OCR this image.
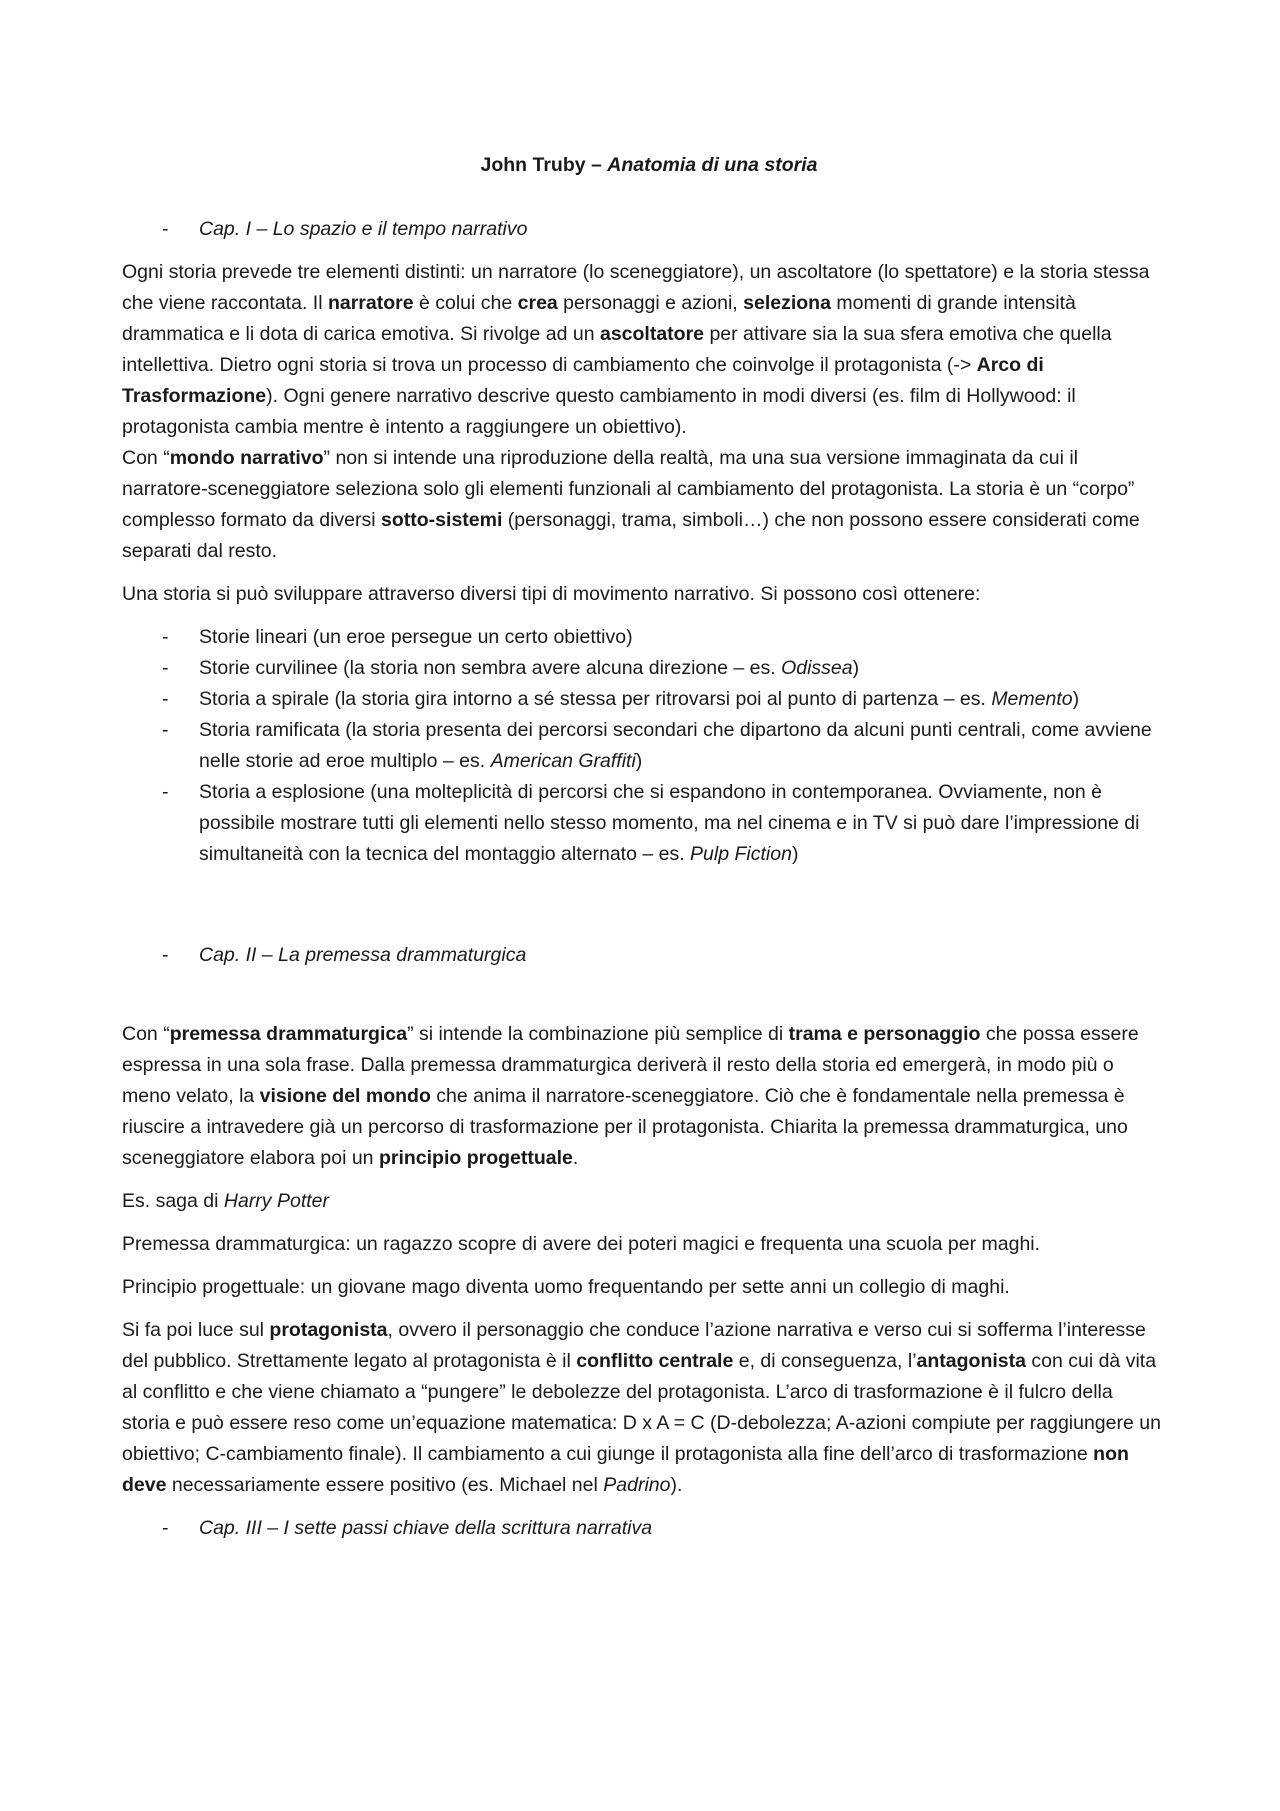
John Truby – Anatomia di una storia
- Cap. I – Lo spazio e il tempo narrativo

Ogni storia prevede tre elementi distinti: un narratore (lo sceneggiatore), un ascoltatore (lo spettatore) e la storia stessa che viene raccontata. Il narratore è colui che crea personaggi e azioni, seleziona momenti di grande intensità drammatica e li dota di carica emotiva. Si rivolge ad un ascoltatore per attivare sia la sua sfera emotiva che quella intellettiva. Dietro ogni storia si trova un processo di cambiamento che coinvolge il protagonista (-> Arco di Trasformazione). Ogni genere narrativo descrive questo cambiamento in modi diversi (es. film di Hollywood: il protagonista cambia mentre è intento a raggiungere un obiettivo).
Con “mondo narrativo” non si intende una riproduzione della realtà, ma una sua versione immaginata da cui il narratore-sceneggiatore seleziona solo gli elementi funzionali al cambiamento del protagonista. La storia è un “corpo” complesso formato da diversi sotto-sistemi (personaggi, trama, simboli…) che non possono essere considerati come separati dal resto.

Una storia si può sviluppare attraverso diversi tipi di movimento narrativo. Si possono così ottenere:

- Storie lineari (un eroe persegue un certo obiettivo)
- Storie curvilinee (la storia non sembra avere alcuna direzione – es. Odissea)
- Storia a spirale (la storia gira intorno a sé stessa per ritrovarsi poi al punto di partenza – es. Memento)
- Storia ramificata (la storia presenta dei percorsi secondari che dipartono da alcuni punti centrali, come avviene nelle storie ad eroe multiplo – es. American Graffiti)
- Storia a esplosione (una molteplicità di percorsi che si espandono in contemporanea. Ovviamente, non è possibile mostrare tutti gli elementi nello stesso momento, ma nel cinema e in TV si può dare l’impressione di simultaneità con la tecnica del montaggio alternato – es. Pulp Fiction)
- Cap. II – La premessa drammaturgica

Con “premessa drammaturgica” si intende la combinazione più semplice di trama e personaggio che possa essere espressa in una sola frase. Dalla premessa drammaturgica deriverà il resto della storia ed emergerà, in modo più o meno velato, la visione del mondo che anima il narratore-sceneggiatore. Ciò che è fondamentale nella premessa è riuscire a intravedere già un percorso di trasformazione per il protagonista. Chiarita la premessa drammaturgica, uno sceneggiatore elabora poi un principio progettuale.

Es. saga di Harry Potter

Premessa drammaturgica: un ragazzo scopre di avere dei poteri magici e frequenta una scuola per maghi.

Principio progettuale: un giovane mago diventa uomo frequentando per sette anni un collegio di maghi.

Si fa poi luce sul protagonista, ovvero il personaggio che conduce l’azione narrativa e verso cui si sofferma l’interesse del pubblico. Strettamente legato al protagonista è il conflitto centrale e, di conseguenza, l’antagonista con cui dà vita al conflitto e che viene chiamato a “pungere” le debolezze del protagonista. L’arco di trasformazione è il fulcro della storia e può essere reso come un’equazione matematica: D x A = C (D-debolezza; A-azioni compiute per raggiungere un obiettivo; C-cambiamento finale). Il cambiamento a cui giunge il protagonista alla fine dell’arco di trasformazione non deve necessariamente essere positivo (es. Michael nel Padrino).

- Cap. III – I sette passi chiave della scrittura narrativa
